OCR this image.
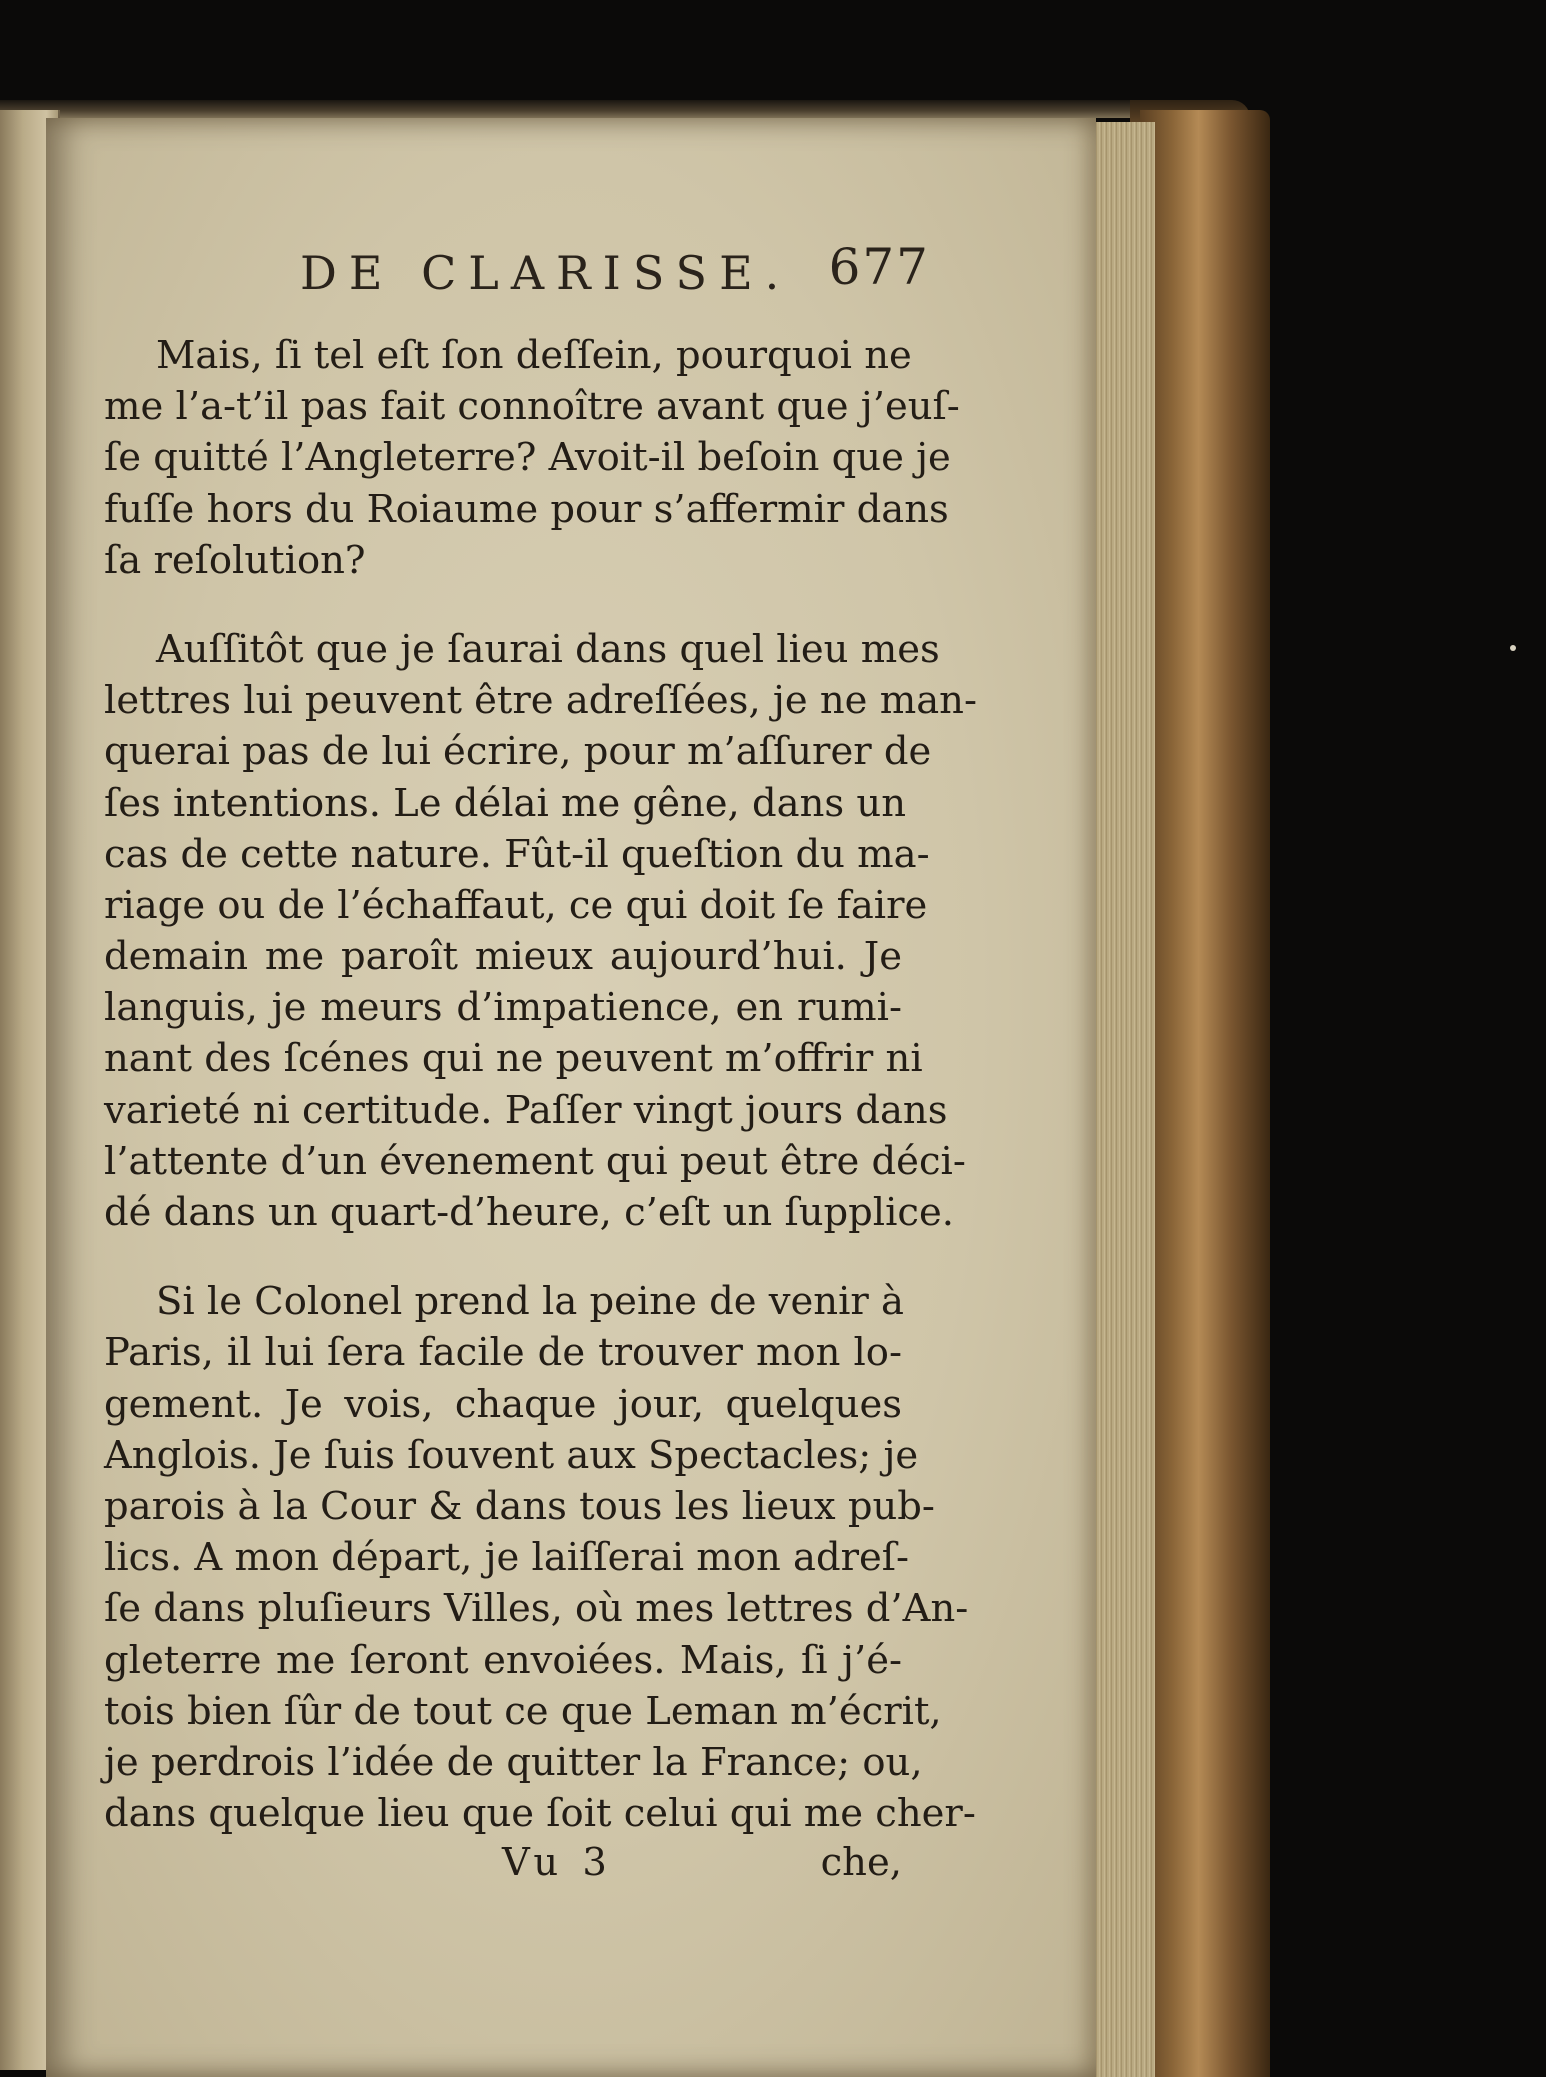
DE CLARISSE. 677
Mais, ſi tel eſt ſon deſſein, pourquoi ne
me l’a-t’il pas fait connoître avant que j’euſ-
ſe quitté l’Angleterre? Avoit-il beſoin que je
fuſſe hors du Roiaume pour s’affermir dans
ſa reſolution?
Auſſitôt que je ſaurai dans quel lieu mes
lettres lui peuvent être adreſſées, je ne man-
querai pas de lui écrire, pour m’aſſurer de
ſes intentions. Le délai me gêne, dans un
cas de cette nature. Fût-il queſtion du ma-
riage ou de l’échaffaut, ce qui doit ſe faire
demain me paroît mieux aujourd’hui. Je
languis, je meurs d’impatience, en rumi-
nant des ſcénes qui ne peuvent m’offrir ni
varieté ni certitude. Paſſer vingt jours dans
l’attente d’un évenement qui peut être déci-
dé dans un quart-d’heure, c’eſt un ſupplice.
Si le Colonel prend la peine de venir à
Paris, il lui ſera facile de trouver mon lo-
gement. Je vois, chaque jour, quelques
Anglois. Je ſuis ſouvent aux Spectacles; je
parois à la Cour & dans tous les lieux pub-
lics. A mon départ, je laiſſerai mon adreſ-
ſe dans pluſieurs Villes, où mes lettres d’An-
gleterre me ſeront envoiées. Mais, ſi j’é-
tois bien ſûr de tout ce que Leman m’écrit,
je perdrois l’idée de quitter la France; ou,
dans quelque lieu que ſoit celui qui me cher-
Vu 3	che,
